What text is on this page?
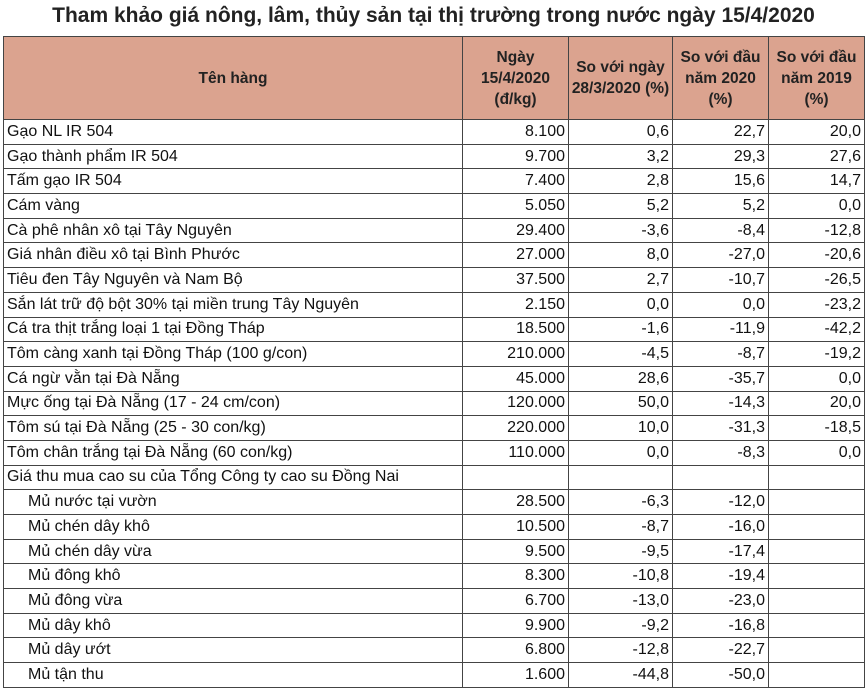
Tham khảo giá nông, lâm, thủy sản tại thị trường trong nước ngày 15/4/2020
Tên hàng	Ngày 15/4/2020 (đ/kg)	So với ngày 28/3/2020 (%)	So với đầu năm 2020 (%)	So với đầu năm 2019 (%)
Gạo NL IR 504	8.100	0,6	22,7	20,0
Gạo thành phẩm IR 504	9.700	3,2	29,3	27,6
Tấm gạo IR 504	7.400	2,8	15,6	14,7
Cám vàng	5.050	5,2	5,2	0,0
Cà phê nhân xô tại Tây Nguyên	29.400	-3,6	-8,4	-12,8
Giá nhân điều xô tại Bình Phước	27.000	8,0	-27,0	-20,6
Tiêu đen Tây Nguyên và Nam Bộ	37.500	2,7	-10,7	-26,5
Sắn lát trữ độ bột 30% tại miền trung Tây Nguyên	2.150	0,0	0,0	-23,2
Cá tra thịt trắng loại 1 tại Đồng Tháp	18.500	-1,6	-11,9	-42,2
Tôm càng xanh tại Đồng Tháp (100 g/con)	210.000	-4,5	-8,7	-19,2
Cá ngừ vằn tại Đà Nẵng	45.000	28,6	-35,7	0,0
Mực ống tại Đà Nẵng (17 - 24 cm/con)	120.000	50,0	-14,3	20,0
Tôm sú tại Đà Nẵng (25 - 30 con/kg)	220.000	10,0	-31,3	-18,5
Tôm chân trắng tại Đà Nẵng (60 con/kg)	110.000	0,0	-8,3	0,0
Giá thu mua cao su của Tổng Công ty cao su Đồng Nai				
Mủ nước tại vườn	28.500	-6,3	-12,0	
Mủ chén dây khô	10.500	-8,7	-16,0	
Mủ chén dây vừa	9.500	-9,5	-17,4	
Mủ đông khô	8.300	-10,8	-19,4	
Mủ đông vừa	6.700	-13,0	-23,0	
Mủ dây khô	9.900	-9,2	-16,8	
Mủ dây ướt	6.800	-12,8	-22,7	
Mủ tận thu	1.600	-44,8	-50,0	
